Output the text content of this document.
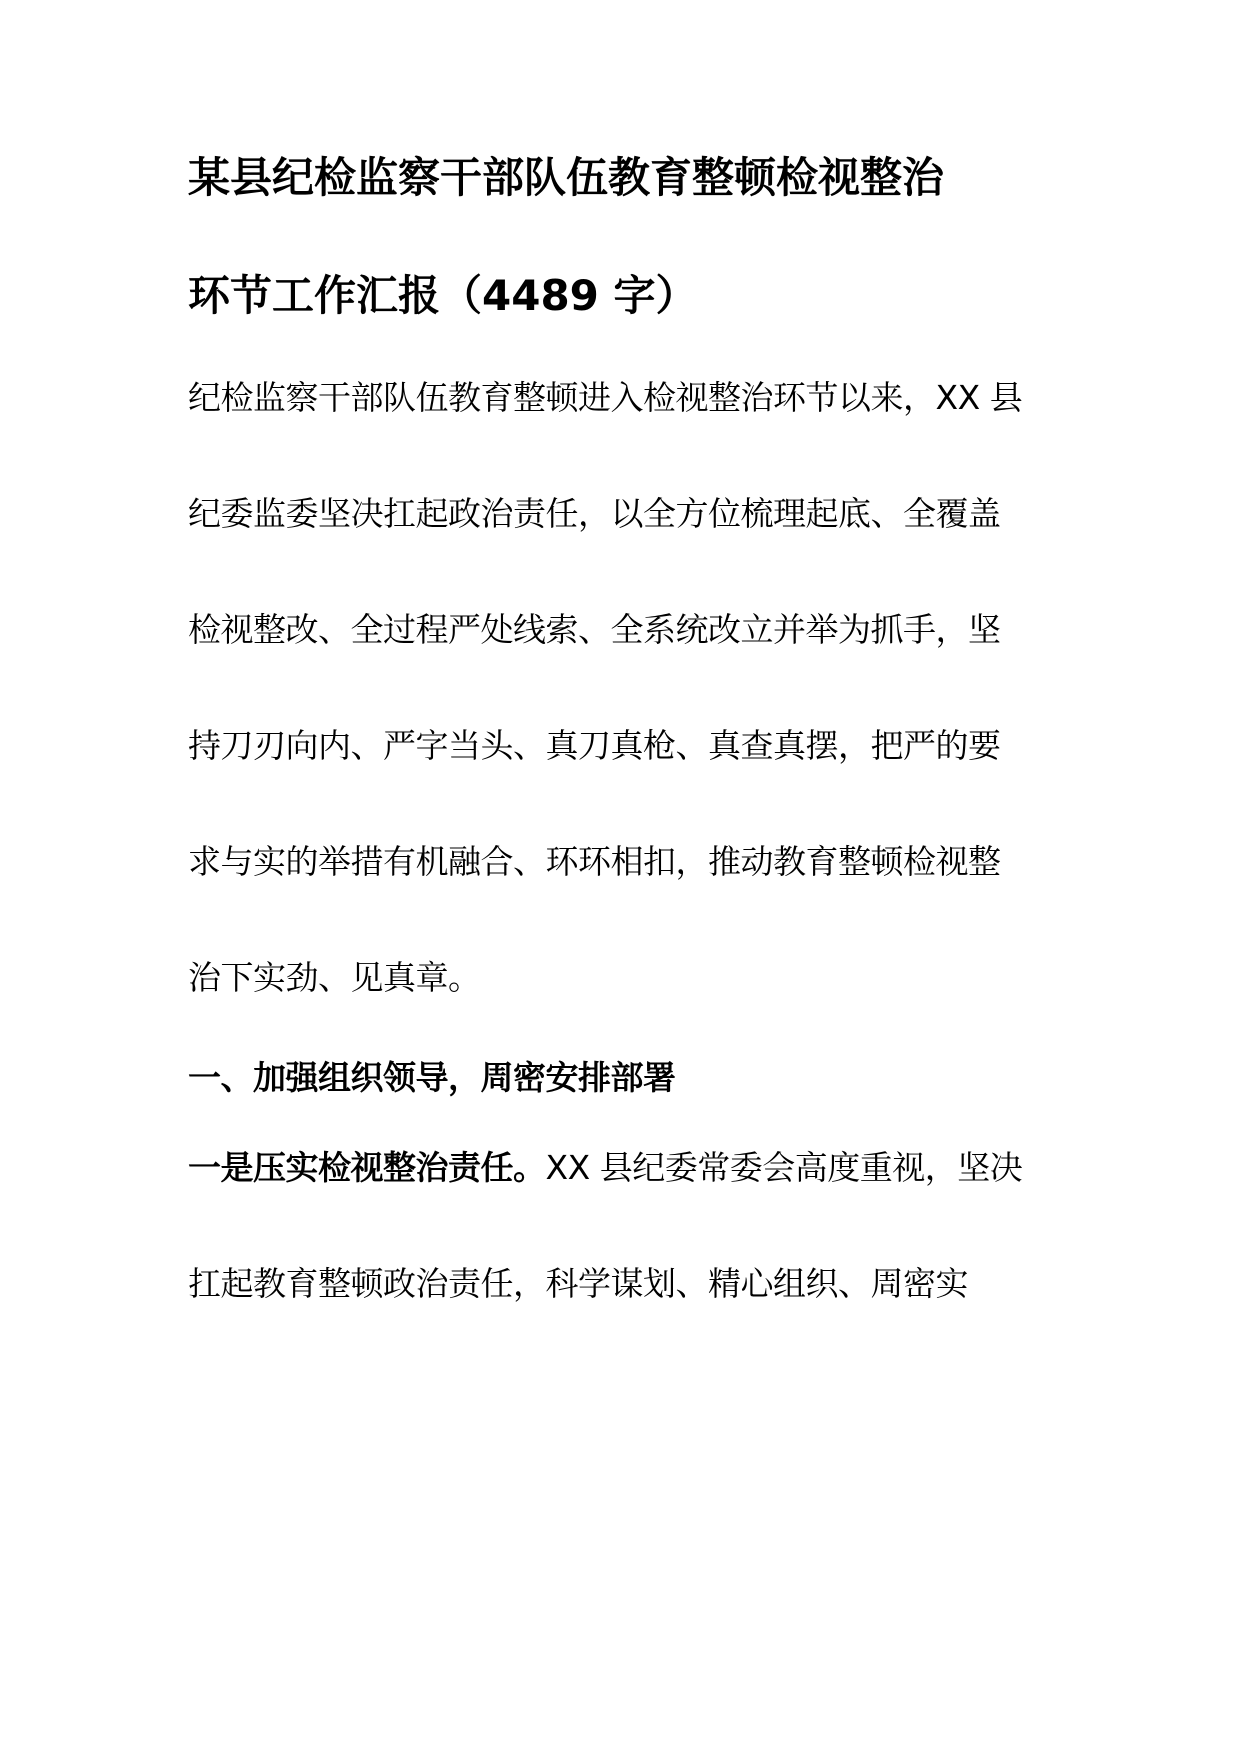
某县纪检监察干部队伍教育整顿检视整治
环节工作汇报（4489 字）
纪检监察干部队伍教育整顿进入检视整治环节以来，XX 县
纪委监委坚决扛起政治责任，以全方位梳理起底、全覆盖
检视整改、全过程严处线索、全系统改立并举为抓手，坚
持刀刃向内、严字当头、真刀真枪、真查真摆，把严的要
求与实的举措有机融合、环环相扣，推动教育整顿检视整
治下实劲、见真章。
一、加强组织领导，周密安排部署
一是压实检视整治责任。XX 县纪委常委会高度重视，坚决
扛起教育整顿政治责任，科学谋划、精心组织、周密实
